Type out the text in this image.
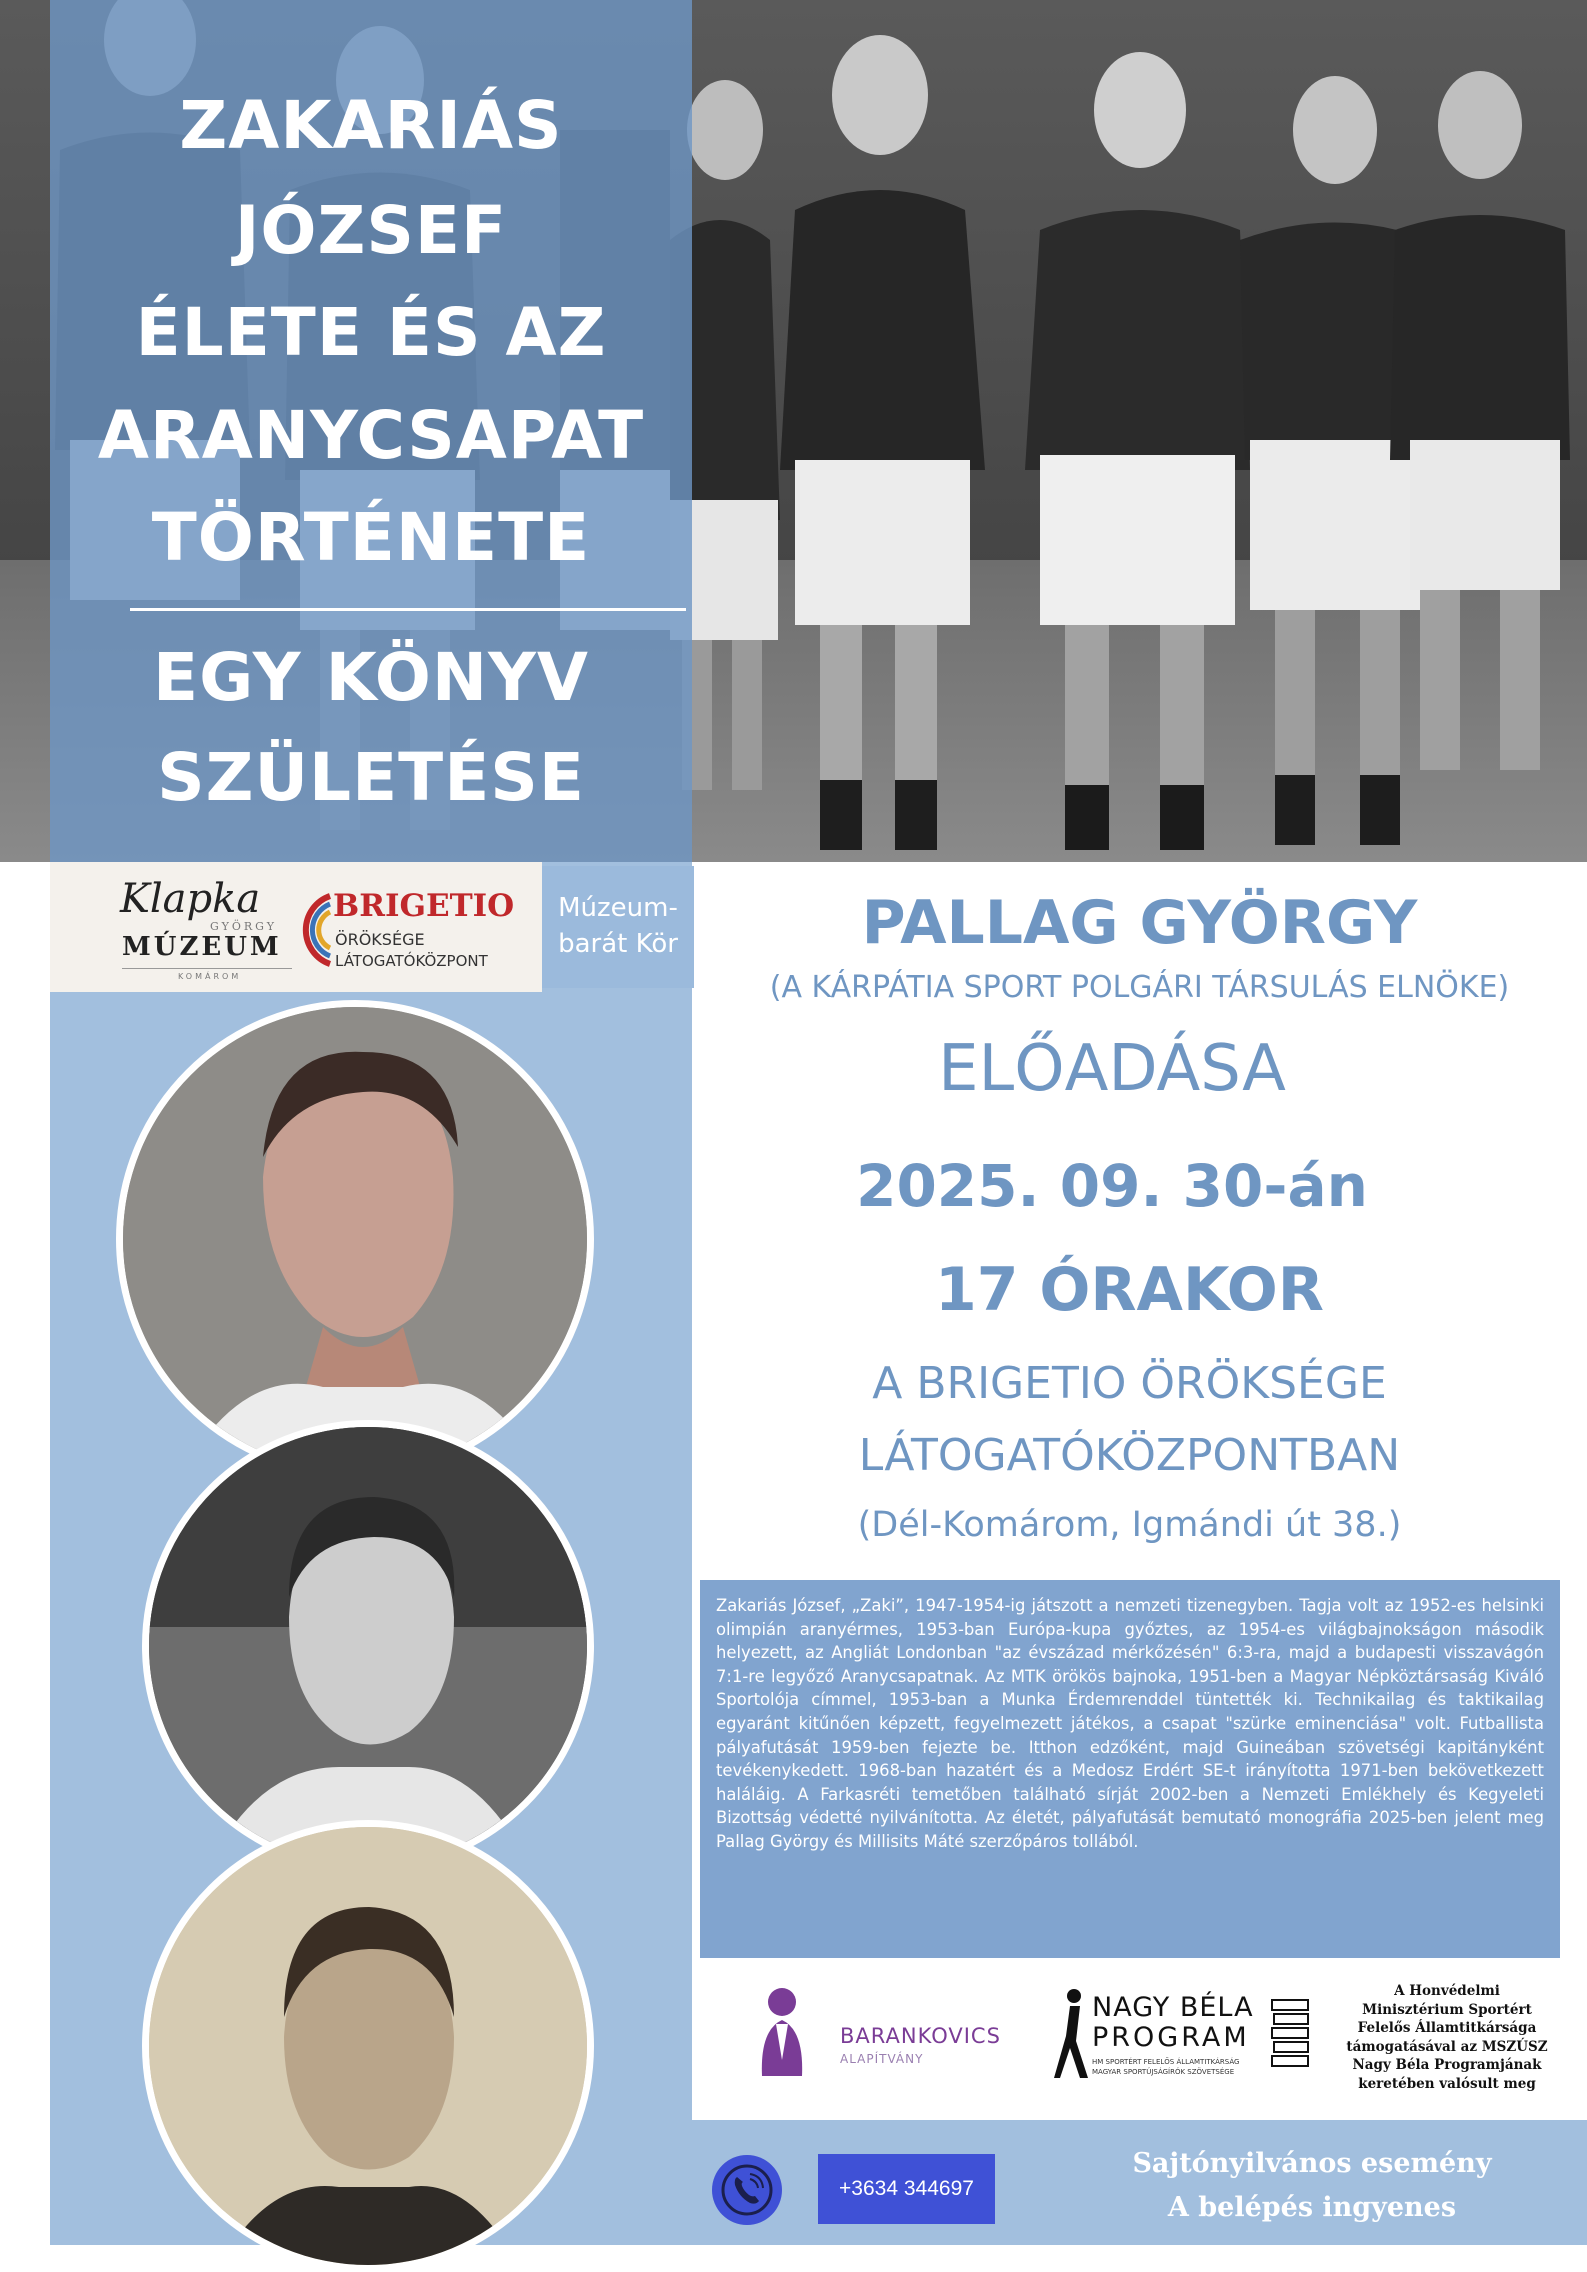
ZAKARIÁS
JÓZSEF
ÉLETE ÉS AZ
ARANYCSAPAT
TÖRTÉNETE
EGY KÖNYV
SZÜLETÉSE
Klapka
GYÖRGY
MÚZEUM
KOMÁROM
BRIGETIO
ÖRÖKSÉGE
LÁTOGATÓKÖZPONT
Múzeum-
barát Kör	PALLAG GYÖRGY
(A KÁRPÁTIA SPORT POLGÁRI TÁRSULÁS ELNÖKE)
ELŐADÁSA
2025. 09. 30-án
17 ÓRAKOR
A BRIGETIO ÖRÖKSÉGE
LÁTOGATÓKÖZPONTBAN
(Dél-Komárom, Igmándi út 38.)
Zakariás József, „Zaki”, 1947-1954-ig játszott a nemzeti tizenegyben. Tagja volt az 1952-es helsinki olimpián aranyérmes, 1953-ban Európa-kupa győztes, az 1954-es világbajnokságon második helyezett, az Angliát Londonban "az évszázad mérkőzésén" 6:3-ra, majd a budapesti visszavágón 7:1-re legyőző Aranycsapatnak. Az MTK örökös bajnoka, 1951-ben a Magyar Népköztársaság Kiváló Sportolója címmel, 1953-ban a Munka Érdemrenddel tüntették ki. Technikailag és taktikailag egyaránt kitűnően képzett, fegyelmezett játékos, a csapat "szürke eminenciása" volt. Futballista pályafutását 1959-ben fejezte be. Itthon edzőként, majd Guineában szövetségi kapitányként tevékenykedett. 1968-ban hazatért és a Medosz Erdért SE-t irányította 1971-ben bekövetkezett haláláig. A Farkasréti temetőben található sírját 2002-ben a Nemzeti Emlékhely és Kegyeleti Bizottság védetté nyilvánította. Az életét, pályafutását bemutató monográfia 2025-ben jelent meg Pallag György és Millisits Máté szerzőpáros tollából.
BARANKOVICS
ALAPÍTVÁNY
NAGY BÉLA
PROGRAM
HM SPORTÉRT FELELŐS ÁLLAMTITKÁRSÁG
MAGYAR SPORTÚJSÁGÍRÓK SZÖVETSÉGE
A Honvédelmi
Minisztérium Sportért
Felelős Államtitkársága
támogatásával az MSZÚSZ
Nagy Béla Programjának
keretében valósult meg
+3634 344697
Sajtónyilvános esemény
A belépés ingyenes
